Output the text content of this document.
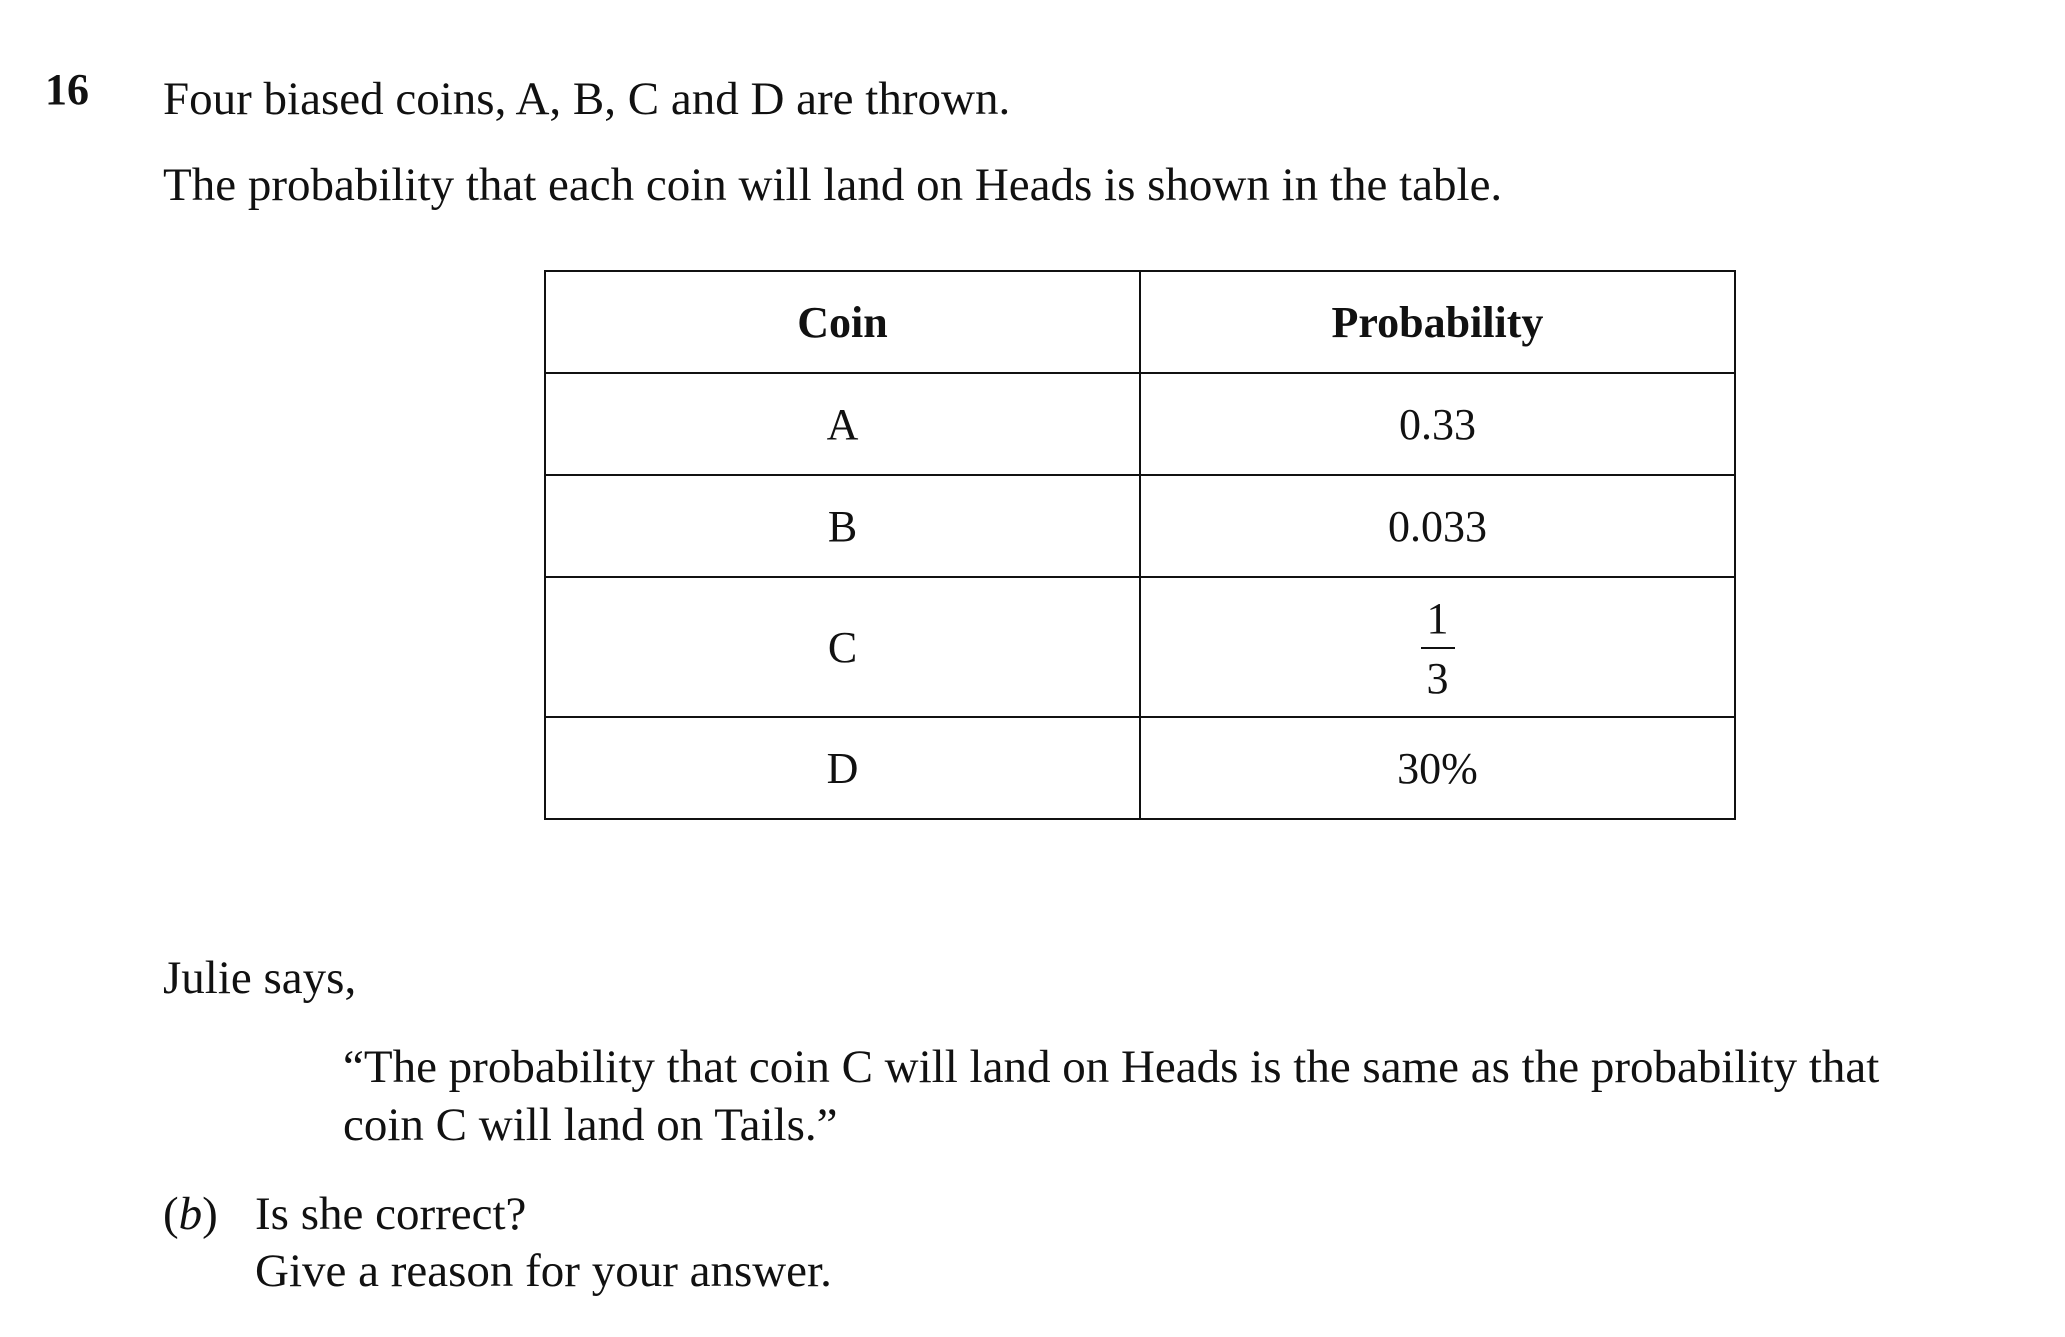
16 Four biased coins, A, B, C and D are thrown.
The probability that each coin will land on Heads is shown in the table.
Coin	Probability
A	0.33
B	0.033
C	$\frac{1}{3}$

D	30%
Julie says,
“The probability that coin C will land on Heads is the same as the probability that
coin C will land on Tails.”
(b) Is she correct?
Give a reason for your answer.
